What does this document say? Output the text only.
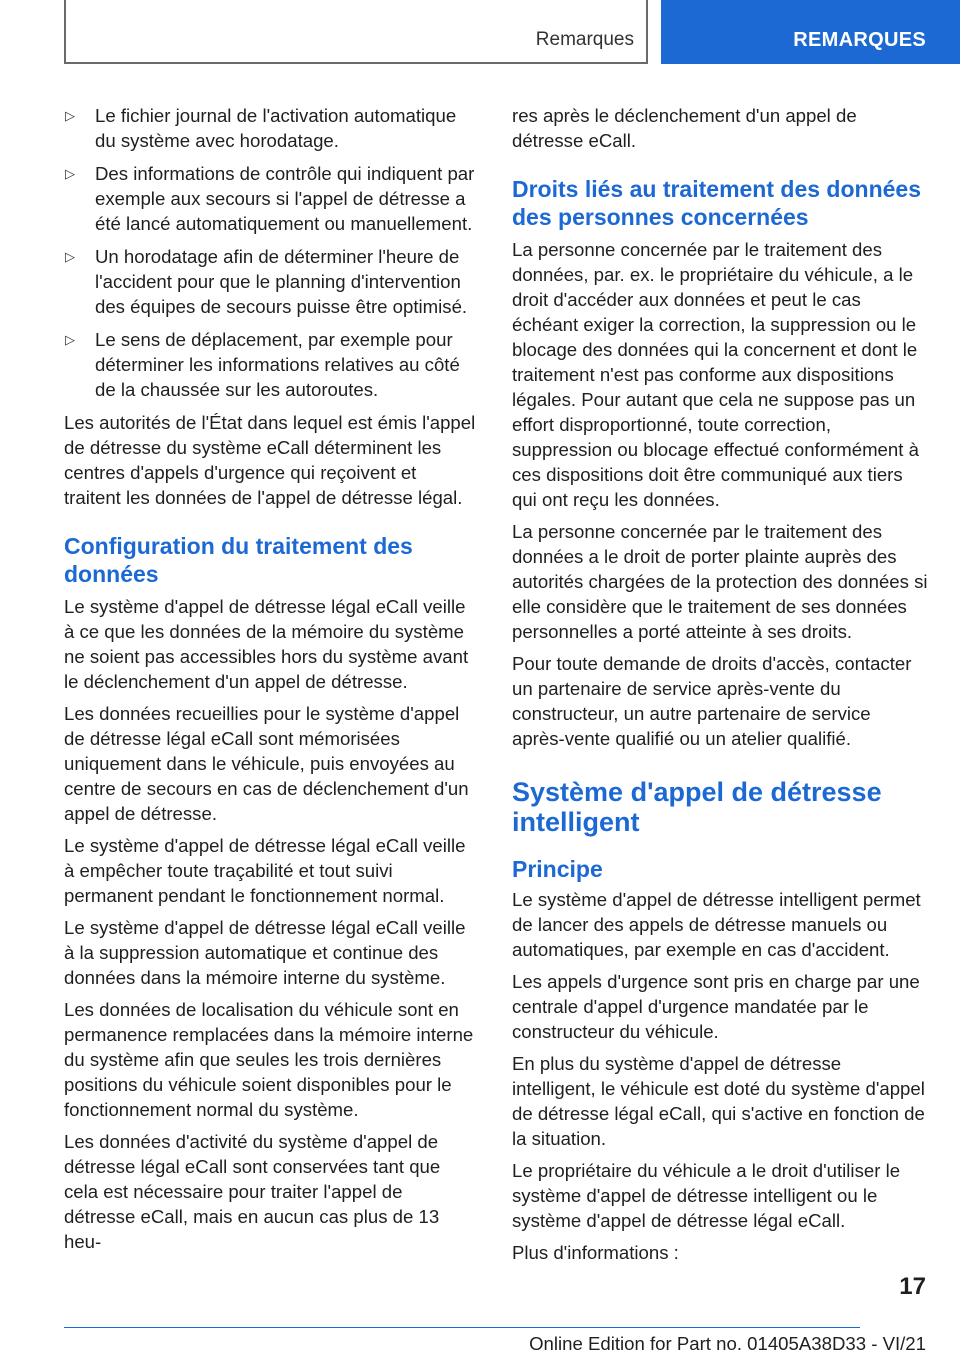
Remarques	REMARQUES
▷ Le fichier journal de l'activation automatique du système avec horodatage.
▷ Des informations de contrôle qui indiquent par exemple aux secours si l'appel de détresse a été lancé automatiquement ou manuellement.
▷ Un horodatage afin de déterminer l'heure de l'accident pour que le planning d'intervention des équipes de secours puisse être optimisé.
▷ Le sens de déplacement, par exemple pour déterminer les informations relatives au côté de la chaussée sur les autoroutes.

Les autorités de l'État dans lequel est émis l'appel de détresse du système eCall déterminent les centres d'appels d'urgence qui reçoivent et traitent les données de l'appel de détresse légal.

Configuration du traitement des données

Le système d'appel de détresse légal eCall veille à ce que les données de la mémoire du système ne soient pas accessibles hors du système avant le déclenchement d'un appel de détresse.

Les données recueillies pour le système d'appel de détresse légal eCall sont mémorisées uniquement dans le véhicule, puis envoyées au centre de secours en cas de déclenchement d'un appel de détresse.

Le système d'appel de détresse légal eCall veille à empêcher toute traçabilité et tout suivi permanent pendant le fonctionnement normal.

Le système d'appel de détresse légal eCall veille à la suppression automatique et continue des données dans la mémoire interne du système.

Les données de localisation du véhicule sont en permanence remplacées dans la mémoire interne du système afin que seules les trois dernières positions du véhicule soient disponibles pour le fonctionnement normal du système.

Les données d'activité du système d'appel de détresse légal eCall sont conservées tant que cela est nécessaire pour traiter l'appel de détresse eCall, mais en aucun cas plus de 13 heu-

res après le déclenchement d'un appel de détresse eCall.

Droits liés au traitement des données des personnes concernées

La personne concernée par le traitement des données, par. ex. le propriétaire du véhicule, a le droit d'accéder aux données et peut le cas échéant exiger la correction, la suppression ou le blocage des données qui la concernent et dont le traitement n'est pas conforme aux dispositions légales. Pour autant que cela ne suppose pas un effort disproportionné, toute correction, suppression ou blocage effectué conformément à ces dispositions doit être communiqué aux tiers qui ont reçu les données.

La personne concernée par le traitement des données a le droit de porter plainte auprès des autorités chargées de la protection des données si elle considère que le traitement de ses données personnelles a porté atteinte à ses droits.

Pour toute demande de droits d'accès, contacter un partenaire de service après-vente du constructeur, un autre partenaire de service après-vente qualifié ou un atelier qualifié.

Système d'appel de détresse intelligent
Principe

Le système d'appel de détresse intelligent permet de lancer des appels de détresse manuels ou automatiques, par exemple en cas d'accident.

Les appels d'urgence sont pris en charge par une centrale d'appel d'urgence mandatée par le constructeur du véhicule.

En plus du système d'appel de détresse intelligent, le véhicule est doté du système d'appel de détresse légal eCall, qui s'active en fonction de la situation.

Le propriétaire du véhicule a le droit d'utiliser le système d'appel de détresse intelligent ou le système d'appel de détresse légal eCall.

Plus d'informations :

17
Online Edition for Part no. 01405A38D33 - VI/21
